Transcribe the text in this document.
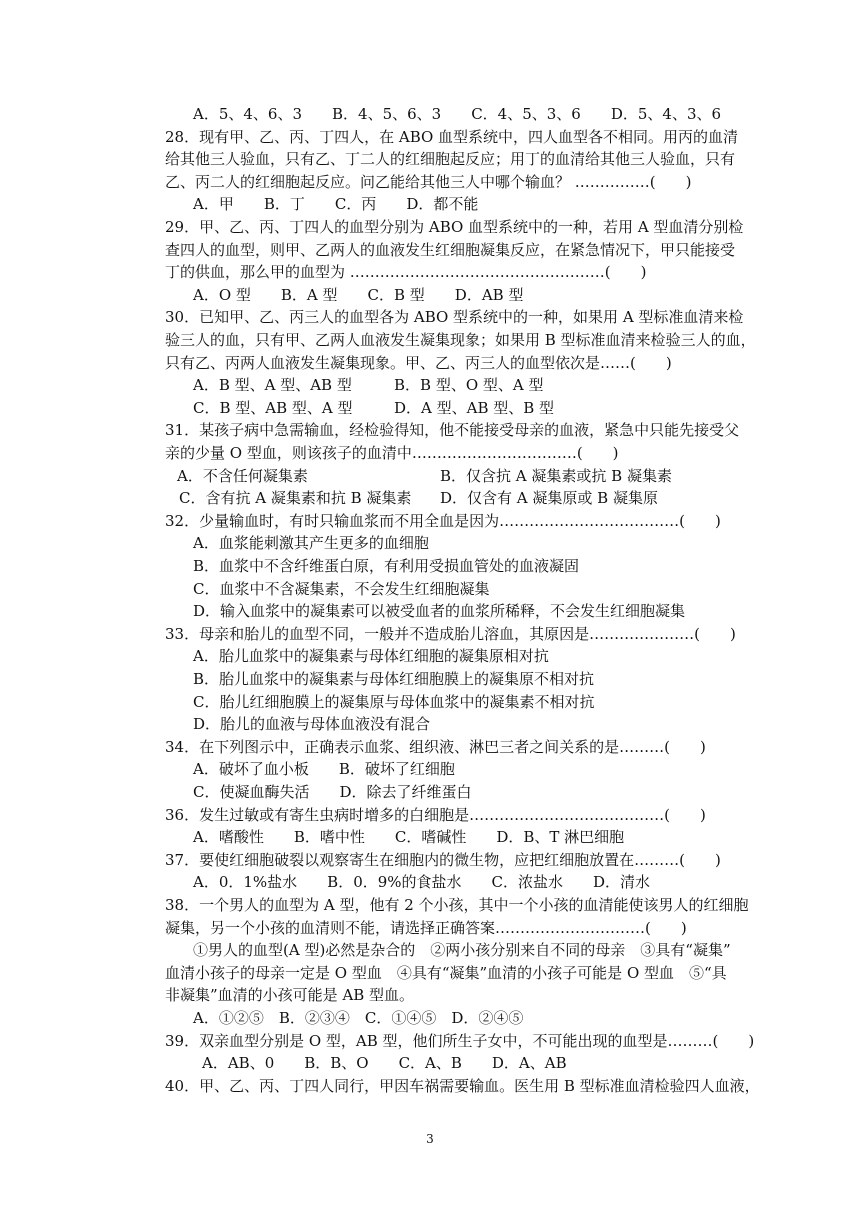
A．5、4、6、3　　B．4、5、6、3　　C．4、5、3、6　　D．5、4、3、6
28．现有甲、乙、丙、丁四人，在 ABO 血型系统中，四人血型各不相同。用丙的血清
给其他三人验血，只有乙、丁二人的红细胞起反应；用丁的血清给其他三人验血，只有
乙、丙二人的红细胞起反应。问乙能给其他三人中哪个输血？ ……………(　　)
A．甲　　B．丁　　C．丙　　D．都不能
29．甲、乙、丙、丁四人的血型分别为 ABO 血型系统中的一种，若用 A 型血清分别检
查四人的血型，则甲、乙两人的血液发生红细胞凝集反应，在紧急情况下，甲只能接受
丁的供血，那么甲的血型为 ……………………………………………(　　)
A．O 型　　B．A 型　　C．B 型　　D．AB 型
30．已知甲、乙、丙三人的血型各为 ABO 型系统中的一种，如果用 A 型标准血清来检
验三人的血，只有甲、乙两人血液发生凝集现象；如果用 B 型标准血清来检验三人的血，
只有乙、丙两人血液发生凝集现象。甲、乙、丙三人的血型依次是……(　　)
A．B 型、A 型、AB 型	B．B 型、O 型、A 型
C．B 型、AB 型、A 型	D．A 型、AB 型、B 型
31．某孩子病中急需输血，经检验得知，他不能接受母亲的血液，紧急中只能先接受父
亲的少量 O 型血，则该孩子的血清中……………………………(　　)
A．不含任何凝集素	B．仅含抗 A 凝集素或抗 B 凝集素
C．含有抗 A 凝集素和抗 B 凝集素 D．仅含有 A 凝集原或 B 凝集原
32．少量输血时，有时只输血浆而不用全血是因为………………………………(　　)
A．血浆能刺激其产生更多的血细胞
B．血浆中不含纤维蛋白原，有利用受损血管处的血液凝固
C．血浆中不含凝集素，不会发生红细胞凝集
D．输入血浆中的凝集素可以被受血者的血浆所稀释，不会发生红细胞凝集
33．母亲和胎儿的血型不同，一般并不造成胎儿溶血，其原因是…………………(　　)
A．胎儿血浆中的凝集素与母体红细胞的凝集原相对抗
B．胎儿血浆中的凝集素与母体红细胞膜上的凝集原不相对抗
C．胎儿红细胞膜上的凝集原与母体血浆中的凝集素不相对抗
D．胎儿的血液与母体血液没有混合
34．在下列图示中，正确表示血浆、组织液、淋巴三者之间关系的是………(　　)
A．破坏了血小板　　B．破坏了红细胞
C．使凝血酶失活　　D．除去了纤维蛋白
36．发生过敏或有寄生虫病时增多的白细胞是…………………………………(　　)
A．嗜酸性　　B．嗜中性　　C．嗜碱性　　D．B、T 淋巴细胞
37．要使红细胞破裂以观察寄生在细胞内的微生物，应把红细胞放置在………(　　)
A．0．1%盐水　　B．0．9%的食盐水　　C．浓盐水　　D．清水
38．一个男人的血型为 A 型，他有 2 个小孩，其中一个小孩的血清能使该男人的红细胞
凝集，另一个小孩的血清则不能，请选择正确答案…………………………(　　)
①男人的血型(A 型)必然是杂合的　②两小孩分别来自不同的母亲　③具有“凝集”
血清小孩子的母亲一定是 O 型血　④具有“凝集”血清的小孩子可能是 O 型血　⑤“具
非凝集”血清的小孩可能是 AB 型血。
A．①②⑤　B．②③④　C．①④⑤　D．②④⑤
39．双亲血型分别是 O 型，AB 型，他们所生子女中，不可能出现的血型是………(　　)
A．AB、0　　B．B、O　　C．A、B　　D．A、AB
40．甲、乙、丙、丁四人同行，甲因车祸需要输血。医生用 B 型标准血清检验四人血液，
3
